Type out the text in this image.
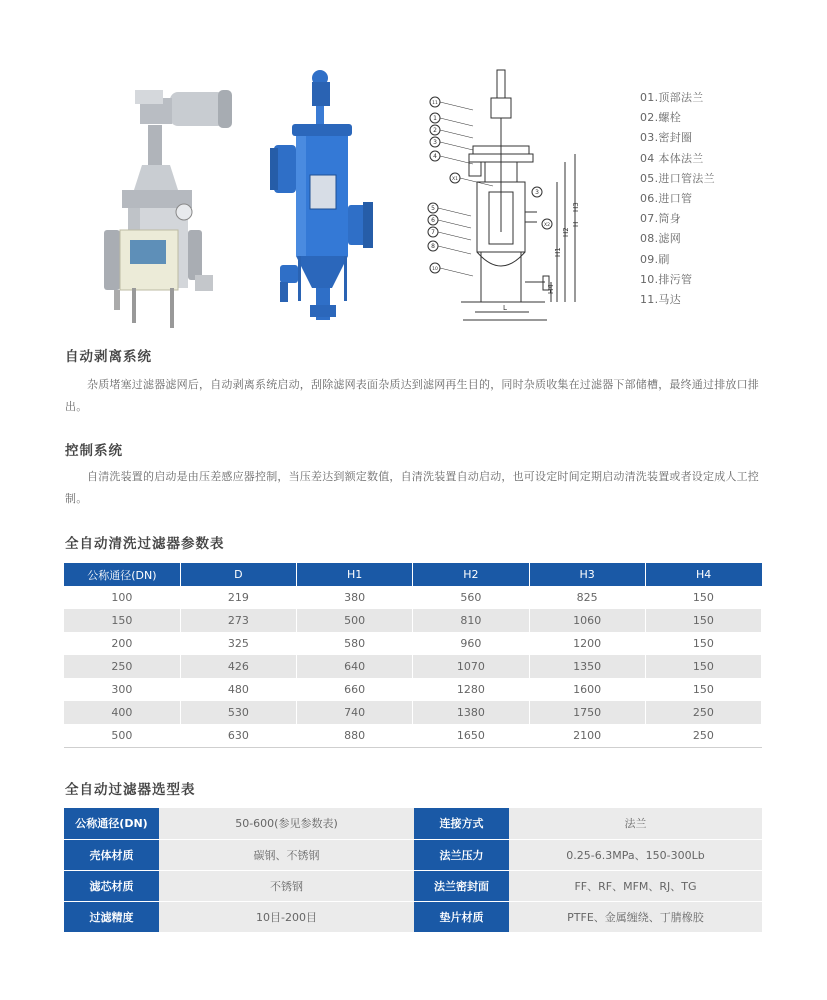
11
1
2
3
4
X1
5
6
7
8
10
3
X2	H
H2
H3
H1
H4
L
01.顶部法兰
02.螺栓
03.密封圈
04 本体法兰
05.进口管法兰
06.进口管
07.筒身
08.滤网
09.刷
10.排污管
11.马达
自动剥离系统

杂质堵塞过滤器滤网后，自动剥离系统启动，刮除滤网表面杂质达到滤网再生目的，同时杂质收集在过滤器下部储槽，最终通过排放口排出。

控制系统

自清洗装置的启动是由压差感应器控制，当压差达到额定数值，自清洗装置自动启动，也可设定时间定期启动清洗装置或者设定成人工控制。

全自动清洗过滤器参数表
公称通径(DN)	D	H1	H2	H3	H4
100	219	380	560	825	150
150	273	500	810	1060	150
200	325	580	960	1200	150
250	426	640	1070	1350	150
300	480	660	1280	1600	150
400	530	740	1380	1750	250
500	630	880	1650	2100	250
全自动过滤器选型表
公称通径(DN)	50-600(参见参数表)	连接方式	法兰
壳体材质	碳钢、不锈钢	法兰压力	0.25-6.3MPa、150-300Lb
滤芯材质	不锈钢	法兰密封面	FF、RF、MFM、RJ、TG
过滤精度	10目-200目	垫片材质	PTFE、金属缠绕、丁腈橡胶
